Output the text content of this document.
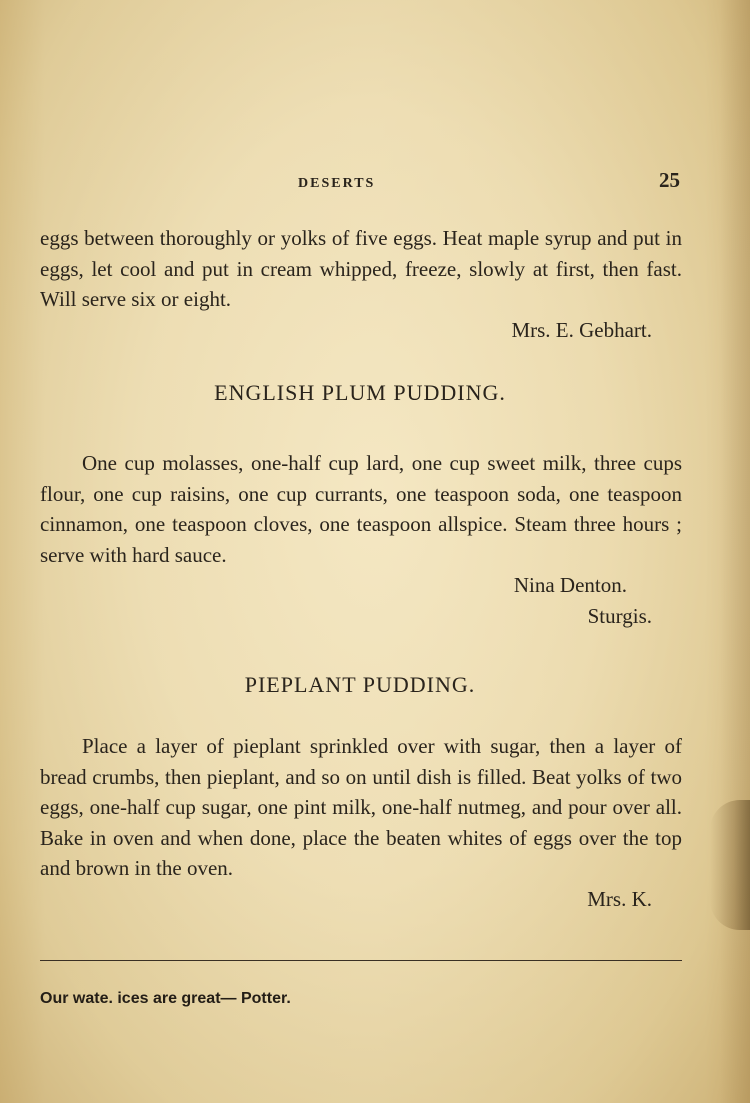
DESERTS	25

eggs between thoroughly or yolks of five eggs. Heat maple syrup and put in eggs, let cool and put in cream whipped, freeze, slowly at first, then fast. Will serve six or eight.

Mrs. E. Gebhart.

ENGLISH PLUM PUDDING.

One cup molasses, one-half cup lard, one cup sweet milk, three cups flour, one cup raisins, one cup currants, one teaspoon soda, one teaspoon cinnamon, one teaspoon cloves, one teaspoon allspice. Steam three hours ; serve with hard sauce.

Nina Denton.

Sturgis.

PIEPLANT PUDDING.

Place a layer of pieplant sprinkled over with sugar, then a layer of bread crumbs, then pieplant, and so on until dish is filled. Beat yolks of two eggs, one-half cup sugar, one pint milk, one-half nutmeg, and pour over all. Bake in oven and when done, place the beaten whites of eggs over the top and brown in the oven.

Mrs. K.

Our wate. ices are great— Potter.
